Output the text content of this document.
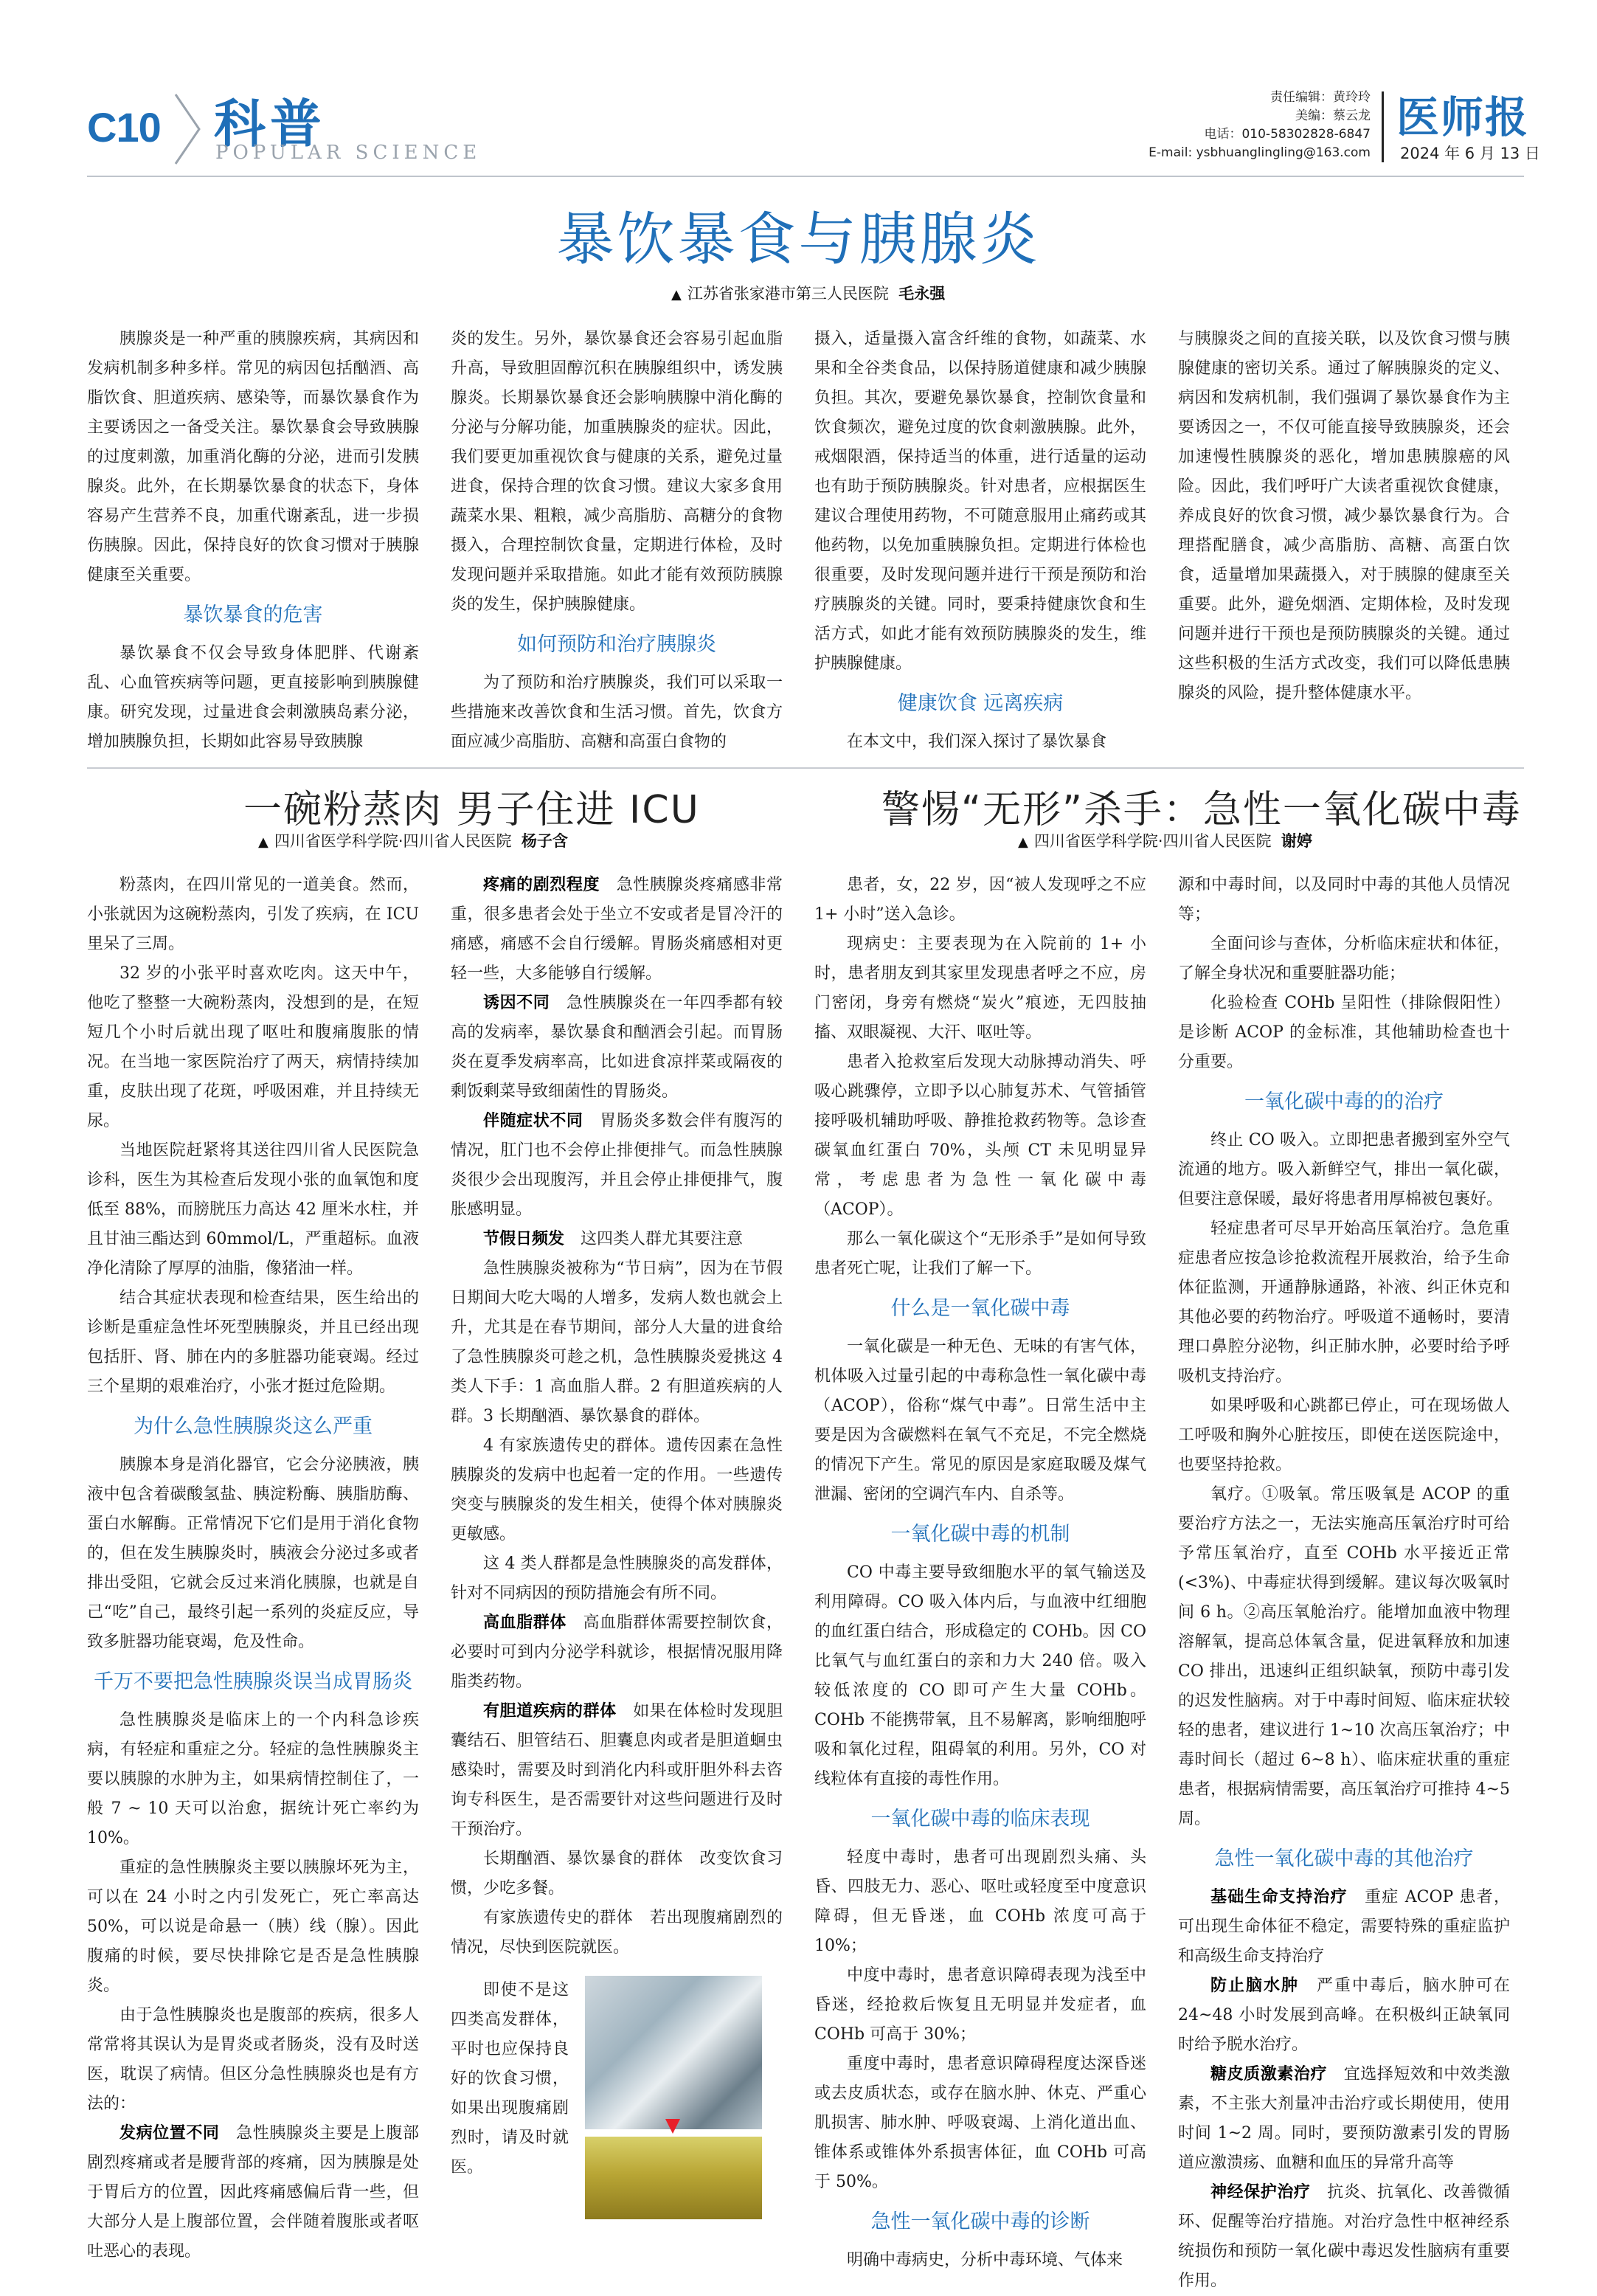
C10 科普
POPULAR SCIENCE
责任编辑：黄玲玲
美编：蔡云龙
电话：010-58302828-6847
E-mail: ysbhuanglingling@163.com
医师报
2024 年 6 月 13 日
暴饮暴食与胰腺炎
▲ 江苏省张家港市第三人民医院 毛永强

胰腺炎是一种严重的胰腺疾病，其病因和发病机制多种多样。常见的病因包括酗酒、高脂饮食、胆道疾病、感染等，而暴饮暴食作为主要诱因之一备受关注。暴饮暴食会导致胰腺的过度刺激，加重消化酶的分泌，进而引发胰腺炎。此外，在长期暴饮暴食的状态下，身体容易产生营养不良，加重代谢紊乱，进一步损伤胰腺。因此，保持良好的饮食习惯对于胰腺健康至关重要。

暴饮暴食的危害

暴饮暴食不仅会导致身体肥胖、代谢紊乱、心血管疾病等问题，更直接影响到胰腺健康。研究发现，过量进食会刺激胰岛素分泌，增加胰腺负担，长期如此容易导致胰腺

炎的发生。另外，暴饮暴食还会容易引起血脂升高，导致胆固醇沉积在胰腺组织中，诱发胰腺炎。长期暴饮暴食还会影响胰腺中消化酶的分泌与分解功能，加重胰腺炎的症状。因此，我们要更加重视饮食与健康的关系，避免过量进食，保持合理的饮食习惯。建议大家多食用蔬菜水果、粗粮，减少高脂肪、高糖分的食物摄入，合理控制饮食量，定期进行体检，及时发现问题并采取措施。如此才能有效预防胰腺炎的发生，保护胰腺健康。

如何预防和治疗胰腺炎

为了预防和治疗胰腺炎，我们可以采取一些措施来改善饮食和生活习惯。首先，饮食方面应减少高脂肪、高糖和高蛋白食物的

摄入，适量摄入富含纤维的食物，如蔬菜、水果和全谷类食品，以保持肠道健康和减少胰腺负担。其次，要避免暴饮暴食，控制饮食量和饮食频次，避免过度的饮食刺激胰腺。此外，戒烟限酒，保持适当的体重，进行适量的运动也有助于预防胰腺炎。针对患者，应根据医生建议合理使用药物，不可随意服用止痛药或其他药物，以免加重胰腺负担。定期进行体检也很重要，及时发现问题并进行干预是预防和治疗胰腺炎的关键。同时，要秉持健康饮食和生活方式，如此才能有效预防胰腺炎的发生，维护胰腺健康。

健康饮食 远离疾病

在本文中，我们深入探讨了暴饮暴食

与胰腺炎之间的直接关联，以及饮食习惯与胰腺健康的密切关系。通过了解胰腺炎的定义、病因和发病机制，我们强调了暴饮暴食作为主要诱因之一，不仅可能直接导致胰腺炎，还会加速慢性胰腺炎的恶化，增加患胰腺癌的风险。因此，我们呼吁广大读者重视饮食健康，养成良好的饮食习惯，减少暴饮暴食行为。合理搭配膳食，减少高脂肪、高糖、高蛋白饮食，适量增加果蔬摄入，对于胰腺的健康至关重要。此外，避免烟酒、定期体检，及时发现问题并进行干预也是预防胰腺炎的关键。通过这些积极的生活方式改变，我们可以降低患胰腺炎的风险，提升整体健康水平。

一碗粉蒸肉 男子住进 ICU
▲ 四川省医学科学院·四川省人民医院 杨子含

粉蒸肉，在四川常见的一道美食。然而，小张就因为这碗粉蒸肉，引发了疾病，在 ICU 里呆了三周。

32 岁的小张平时喜欢吃肉。这天中午，他吃了整整一大碗粉蒸肉，没想到的是，在短短几个小时后就出现了呕吐和腹痛腹胀的情况。在当地一家医院治疗了两天，病情持续加重，皮肤出现了花斑，呼吸困难，并且持续无尿。

当地医院赶紧将其送往四川省人民医院急诊科，医生为其检查后发现小张的血氧饱和度低至 88%，而膀胱压力高达 42 厘米水柱，并且甘油三酯达到 60mmol/L，严重超标。血液净化清除了厚厚的油脂，像猪油一样。

结合其症状表现和检查结果，医生给出的诊断是重症急性坏死型胰腺炎，并且已经出现包括肝、肾、肺在内的多脏器功能衰竭。经过三个星期的艰难治疗，小张才挺过危险期。

为什么急性胰腺炎这么严重

胰腺本身是消化器官，它会分泌胰液，胰液中包含着碳酸氢盐、胰淀粉酶、胰脂肪酶、蛋白水解酶。正常情况下它们是用于消化食物的，但在发生胰腺炎时，胰液会分泌过多或者排出受阻，它就会反过来消化胰腺，也就是自己“吃”自己，最终引起一系列的炎症反应，导致多脏器功能衰竭，危及性命。

千万不要把急性胰腺炎误当成胃肠炎

急性胰腺炎是临床上的一个内科急诊疾病，有轻症和重症之分。轻症的急性胰腺炎主要以胰腺的水肿为主，如果病情控制住了，一般 7 ~ 10 天可以治愈，据统计死亡率约为 10%。

重症的急性胰腺炎主要以胰腺坏死为主，可以在 24 小时之内引发死亡，死亡率高达 50%，可以说是命悬一（胰）线（腺）。因此腹痛的时候，要尽快排除它是否是急性胰腺炎。

由于急性胰腺炎也是腹部的疾病，很多人常常将其误认为是胃炎或者肠炎，没有及时送医，耽误了病情。但区分急性胰腺炎也是有方法的：

发病位置不同　 急性胰腺炎主要是上腹部剧烈疼痛或者是腰背部的疼痛，因为胰腺是处于胃后方的位置，因此疼痛感偏后背一些，但大部分人是上腹部位置，会伴随着腹胀或者呕吐恶心的表现。

疼痛的剧烈程度　 急性胰腺炎疼痛感非常重，很多患者会处于坐立不安或者是冒冷汗的痛感，痛感不会自行缓解。胃肠炎痛感相对更轻一些，大多能够自行缓解。

诱因不同　 急性胰腺炎在一年四季都有较高的发病率，暴饮暴食和酗酒会引起。而胃肠炎在夏季发病率高，比如进食凉拌菜或隔夜的剩饭剩菜导致细菌性的胃肠炎。

伴随症状不同　 胃肠炎多数会伴有腹泻的情况，肛门也不会停止排便排气。而急性胰腺炎很少会出现腹泻，并且会停止排便排气，腹胀感明显。

节假日频发　 这四类人群尤其要注意

急性胰腺炎被称为“节日病”，因为在节假日期间大吃大喝的人增多，发病人数也就会上升，尤其是在春节期间，部分人大量的进食给了急性胰腺炎可趁之机，急性胰腺炎爱挑这 4 类人下手：1 高血脂人群。2 有胆道疾病的人群。3 长期酗酒、暴饮暴食的群体。

4 有家族遗传史的群体。遗传因素在急性胰腺炎的发病中也起着一定的作用。一些遗传突变与胰腺炎的发生相关，使得个体对胰腺炎更敏感。

这 4 类人群都是急性胰腺炎的高发群体，针对不同病因的预防措施会有所不同。

高血脂群体　 高血脂群体需要控制饮食，必要时可到内分泌学科就诊，根据情况服用降脂类药物。

有胆道疾病的群体　 如果在体检时发现胆囊结石、胆管结石、胆囊息肉或者是胆道蛔虫感染时，需要及时到消化内科或肝胆外科去咨询专科医生，是否需要针对这些问题进行及时干预治疗。

长期酗酒、暴饮暴食的群体　改变饮食习惯，少吃多餐。

有家族遗传史的群体　若出现腹痛剧烈的情况，尽快到医院就医。

即使不是这四类高发群体，平时也应保持良好的饮食习惯，如果出现腹痛剧烈时，请及时就医。

警惕“无形”杀手：急性一氧化碳中毒
▲ 四川省医学科学院·四川省人民医院 谢婷

患者，女，22 岁，因“被人发现呼之不应 1+ 小时”送入急诊。

现病史：主要表现为在入院前的 1+ 小时，患者朋友到其家里发现患者呼之不应，房门密闭，身旁有燃烧“炭火”痕迹，无四肢抽搐、双眼凝视、大汗、呕吐等。

患者入抢救室后发现大动脉搏动消失、呼吸心跳骤停，立即予以心肺复苏术、气管插管接呼吸机辅助呼吸、静推抢救药物等。急诊查碳氧血红蛋白 70%，头颅 CT 未见明显异常，考虑患者为急性一氧化碳中毒（ACOP）。

那么一氧化碳这个“无形杀手”是如何导致患者死亡呢，让我们了解一下。

什么是一氧化碳中毒

一氧化碳是一种无色、无味的有害气体，机体吸入过量引起的中毒称急性一氧化碳中毒（ACOP），俗称“煤气中毒”。日常生活中主要是因为含碳燃料在氧气不充足，不完全燃烧的情况下产生。常见的原因是家庭取暖及煤气泄漏、密闭的空调汽车内、自杀等。

一氧化碳中毒的机制

CO 中毒主要导致细胞水平的氧气输送及利用障碍。CO 吸入体内后，与血液中红细胞的血红蛋白结合，形成稳定的 COHb。因 CO 比氧气与血红蛋白的亲和力大 240 倍。吸入较低浓度的 CO 即可产生大量 COHb。COHb 不能携带氧，且不易解离，影响细胞呼吸和氧化过程，阻碍氧的利用。另外，CO 对线粒体有直接的毒性作用。

一氧化碳中毒的临床表现

轻度中毒时，患者可出现剧烈头痛、头昏、四肢无力、恶心、呕吐或轻度至中度意识障碍，但无昏迷，血 COHb 浓度可高于 10%；

中度中毒时，患者意识障碍表现为浅至中昏迷，经抢救后恢复且无明显并发症者，血 COHb 可高于 30%；

重度中毒时，患者意识障碍程度达深昏迷或去皮质状态，或存在脑水肿、休克、严重心肌损害、肺水肿、呼吸衰竭、上消化道出血、锥体系或锥体外系损害体征，血 COHb 可高于 50%。

急性一氧化碳中毒的诊断

明确中毒病史，分析中毒环境、气体来

源和中毒时间，以及同时中毒的其他人员情况等；

全面问诊与查体，分析临床症状和体征，了解全身状况和重要脏器功能；

化验检查 COHb 呈阳性（排除假阳性）是诊断 ACOP 的金标准，其他辅助检查也十分重要。

一氧化碳中毒的的治疗

终止 CO 吸入。立即把患者搬到室外空气流通的地方。吸入新鲜空气，排出一氧化碳，但要注意保暖，最好将患者用厚棉被包裹好。

轻症患者可尽早开始高压氧治疗。急危重症患者应按急诊抢救流程开展救治，给予生命体征监测，开通静脉通路，补液、纠正休克和其他必要的药物治疗。呼吸道不通畅时，要清理口鼻腔分泌物，纠正肺水肿，必要时给予呼吸机支持治疗。

如果呼吸和心跳都已停止，可在现场做人工呼吸和胸外心脏按压，即使在送医院途中，也要坚持抢救。

氧疗。①吸氧。常压吸氧是 ACOP 的重要治疗方法之一，无法实施高压氧治疗时可给予常压氧治疗，直至 COHb 水平接近正常(<3%)、中毒症状得到缓解。建议每次吸氧时间 6 h。②高压氧舱治疗。能增加血液中物理溶解氧，提高总体氧含量，促进氧释放和加速 CO 排出，迅速纠正组织缺氧，预防中毒引发的迟发性脑病。对于中毒时间短、临床症状较轻的患者，建议进行 1~10 次高压氧治疗；中毒时间长（超过 6~8 h）、临床症状重的重症患者，根据病情需要，高压氧治疗可推持 4~5 周。

急性一氧化碳中毒的其他治疗

基础生命支持治疗　 重症 ACOP 患者，可出现生命体征不稳定，需要特殊的重症监护和高级生命支持治疗

防止脑水肿　 严重中毒后，脑水肿可在 24~48 小时发展到高峰。在积极纠正缺氧同时给予脱水治疗。

糖皮质激素治疗　 宜选择短效和中效类激素，不主张大剂量冲击治疗或长期使用，使用时间 1~2 周。同时，要预防激素引发的胃肠道应激溃疡、血糖和血压的异常升高等

神经保护治疗　 抗炎、抗氧化、改善微循环、促醒等治疗措施。对治疗急性中枢神经系统损伤和预防一氧化碳中毒迟发性脑病有重要作用。
